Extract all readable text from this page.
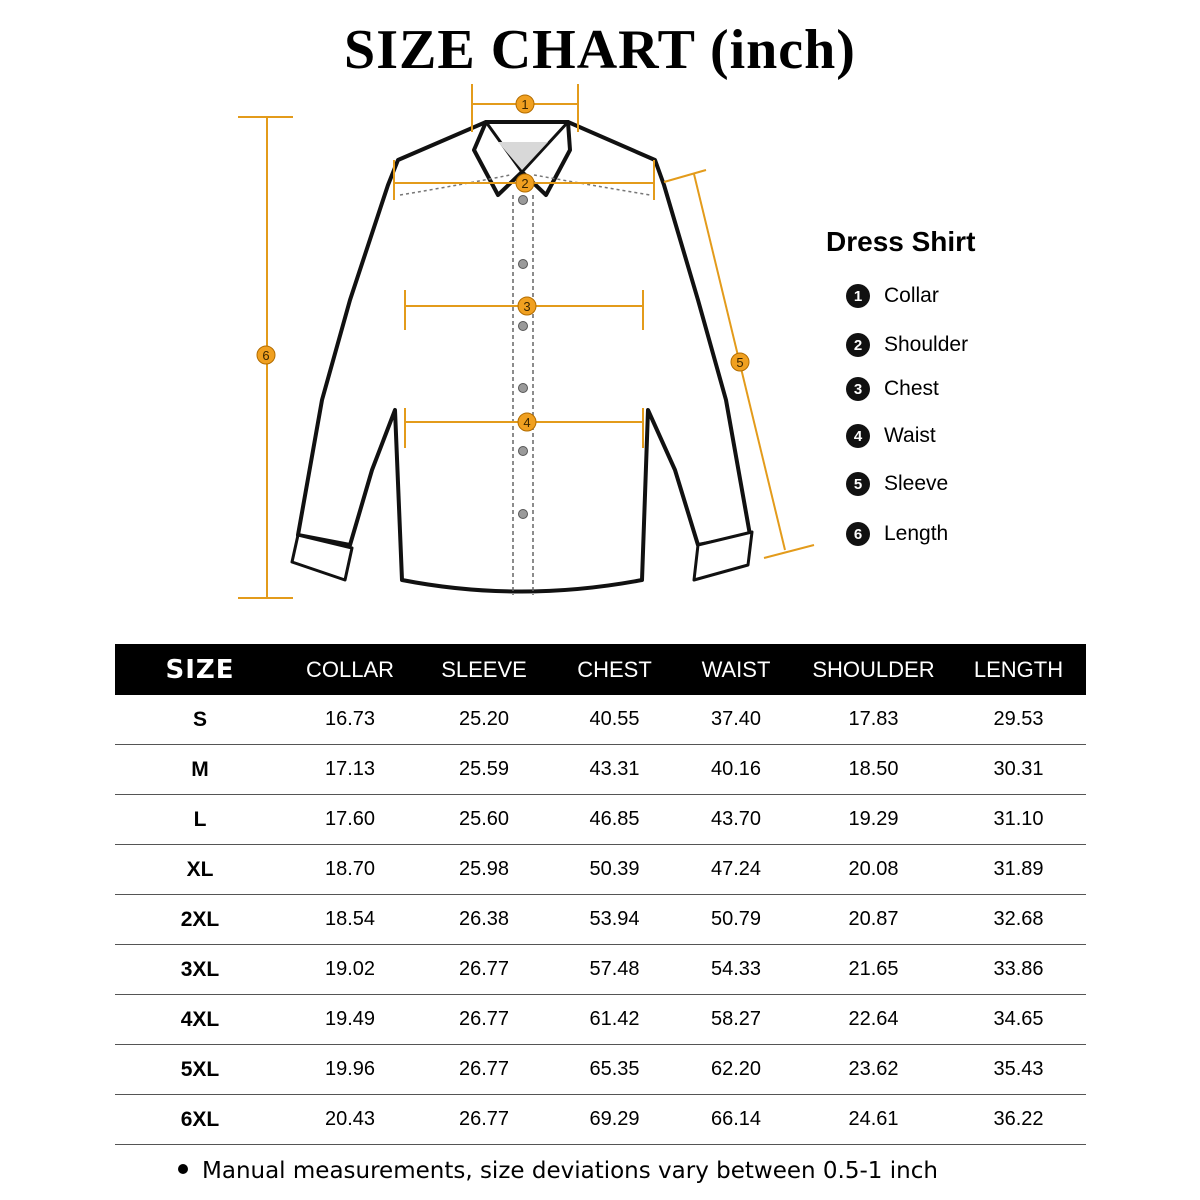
SIZE CHART (inch)
1
2
3
4
5
6
Dress Shirt
1	Collar
2	Shoulder
3	Chest
4	Waist
5	Sleeve
6	Length
SIZE	COLLAR	SLEEVE	CHEST	WAIST	SHOULDER	LENGTH
S	16.73	25.20	40.55	37.40	17.83	29.53
M	17.13	25.59	43.31	40.16	18.50	30.31
L	17.60	25.60	46.85	43.70	19.29	31.10
XL	18.70	25.98	50.39	47.24	20.08	31.89
2XL	18.54	26.38	53.94	50.79	20.87	32.68
3XL	19.02	26.77	57.48	54.33	21.65	33.86
4XL	19.49	26.77	61.42	58.27	22.64	34.65
5XL	19.96	26.77	65.35	62.20	23.62	35.43
6XL	20.43	26.77	69.29	66.14	24.61	36.22
Manual measurements, size deviations vary between 0.5-1 inch
